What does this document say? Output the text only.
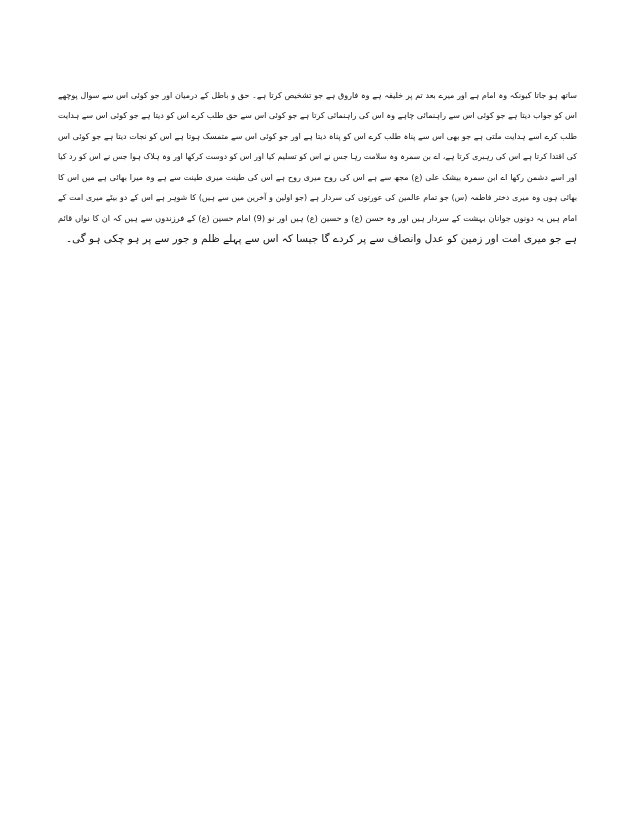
ساتھ ہو جاتا کیونکہ وہ امام ہے اور میرے بعد تم پر خلیفہ ہے وہ فاروق ہے جو تشخیص کرتا ہے۔ حق و باطل کے درمیان اور جو کوئی اس سے سوال پوچھے
اس کو جواب دیتا ہے جو کوئی اس سے راہنمائی چاہے وہ اس کی راہنمائی کرتا ہے جو کوئی اس سے حق طلب کرے اس کو دیتا ہے جو کوئی اس سے ہدایت
طلب کرے اسے ہدایت ملتی ہے جو بھی اس سے پناہ طلب کرے اس کو پناہ دیتا ہے اور جو کوئی اس سے متمسک ہوتا ہے اس کو نجات دیتا ہے جو کوئی اس
کی اقتدا کرتا ہے اس کی رہبری کرتا ہے، اے بن سمرہ وہ سلامت رہا جس نے اس کو تسلیم کیا اور اس کو دوست کرکھا اور وہ ہلاک ہوا جس نے اس کو رد کیا
اور اسے دشمن رکھا اے ابن سمرہ بیشک علی (ع) مجھ سے ہے اس کی روح میری روح ہے اس کی طینت میری طینت سے ہے وہ میرا بھائی ہے میں اس کا
بھائی ہوں وہ میری دختر فاطمہ (س) جو تمام عالمین کی عورتوں کی سردار ہے (جو اولین و آخرین میں سے ہیں) کا شوہر ہے اس کے دو بیٹے میری امت کے
امام ہیں یہ دونوں جوانان بہشت کے سردار ہیں اور وہ حسن (ع) و حسین (ع) ہیں اور نو (9) امام حسین (ع) کے فرزندوں سے ہیں کہ ان کا نواں قائم
ہے جو میری امت اور زمین کو عدل وانصاف سے پر کردے گا جیسا کہ اس سے پہلے ظلم و جور سے پر ہو چکی ہو گی۔
